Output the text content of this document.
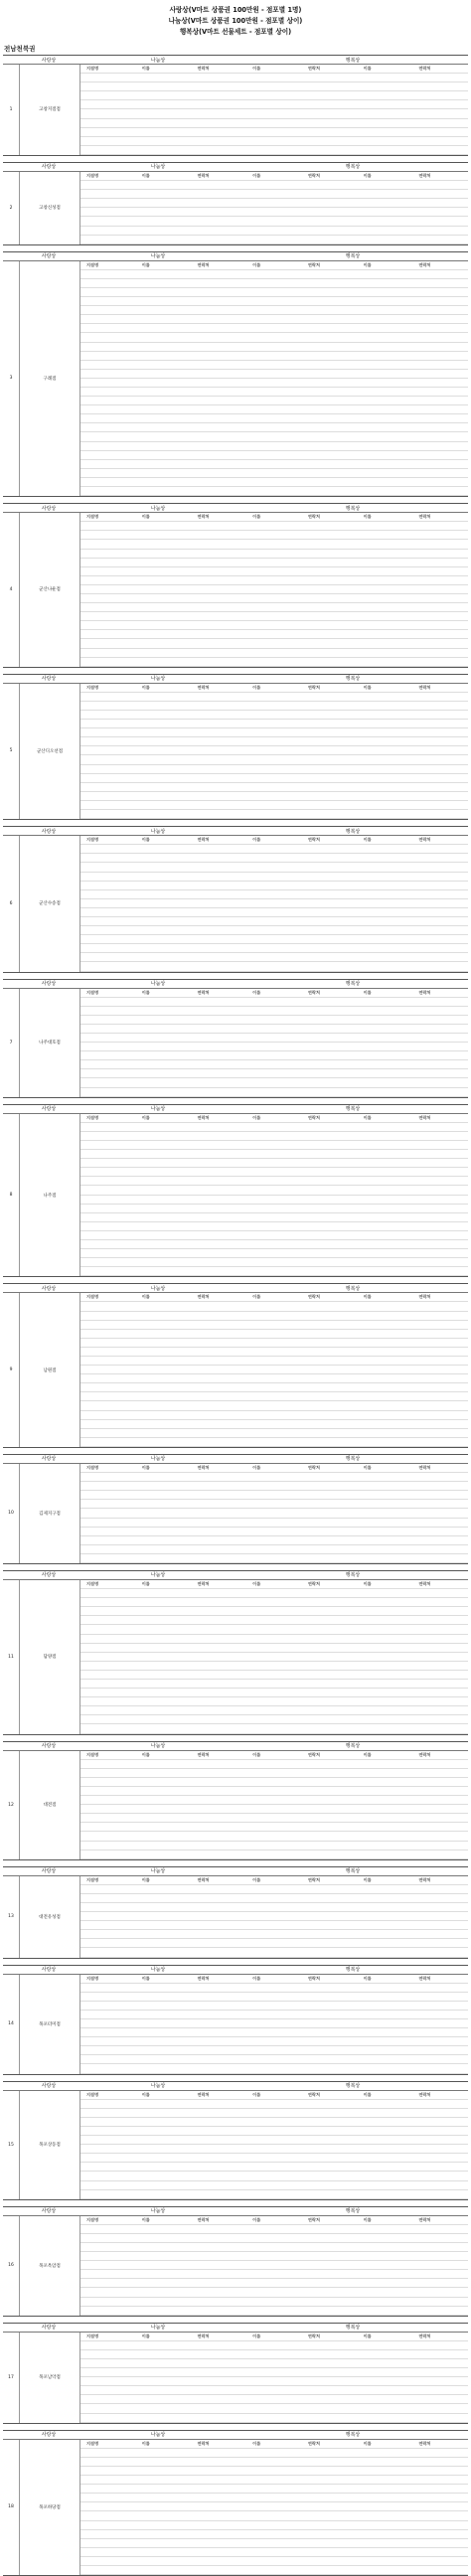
사랑상(V마트 상품권 100만원 - 점포별 1명)
나눔상(V마트 상품권 100만원 - 점포별 상이)
행복상(V마트 선물세트 - 점포별 상이)
전남천북권
사랑상	나눔상	행복상
1	고창지점점
지점명	이름	연락처	이름	연락처	이름	연락처
사랑상	나눔상	행복상
2	고창신성점
지점명	이름	연락처	이름	연락처	이름	연락처
사랑상	나눔상	행복상
3	구례점
지점명	이름	연락처	이름	연락처	이름	연락처
사랑상	나눔상	행복상
4	군산나운점
지점명	이름	연락처	이름	연락처	이름	연락처
사랑상	나눔상	행복상
5	군산디오션점
지점명	이름	연락처	이름	연락처	이름	연락처
사랑상	나눔상	행복상
6	군산수송점
지점명	이름	연락처	이름	연락처	이름	연락처
사랑상	나눔상	행복상
7	나주대호점
지점명	이름	연락처	이름	연락처	이름	연락처
사랑상	나눔상	행복상
8	나주점
지점명	이름	연락처	이름	연락처	이름	연락처
사랑상	나눔상	행복상
9	남원점
지점명	이름	연락처	이름	연락처	이름	연락처
사랑상	나눔상	행복상
10	김제지구점
지점명	이름	연락처	이름	연락처	이름	연락처
사랑상	나눔상	행복상
11	담양점
지점명	이름	연락처	이름	연락처	이름	연락처
사랑상	나눔상	행복상
12	대전점
지점명	이름	연락처	이름	연락처	이름	연락처
사랑상	나눔상	행복상
13	대전유성점
지점명	이름	연락처	이름	연락처	이름	연락처
사랑상	나눔상	행복상
14	목포터미점
지점명	이름	연락처	이름	연락처	이름	연락처
사랑상	나눔상	행복상
15	목포상동점
지점명	이름	연락처	이름	연락처	이름	연락처
사랑상	나눔상	행복상
16	목포옥암점
지점명	이름	연락처	이름	연락처	이름	연락처
사랑상	나눔상	행복상
17	목포남악점
지점명	이름	연락처	이름	연락처	이름	연락처
사랑상	나눔상	행복상
18	목포하당점
지점명	이름	연락처	이름	연락처	이름	연락처
